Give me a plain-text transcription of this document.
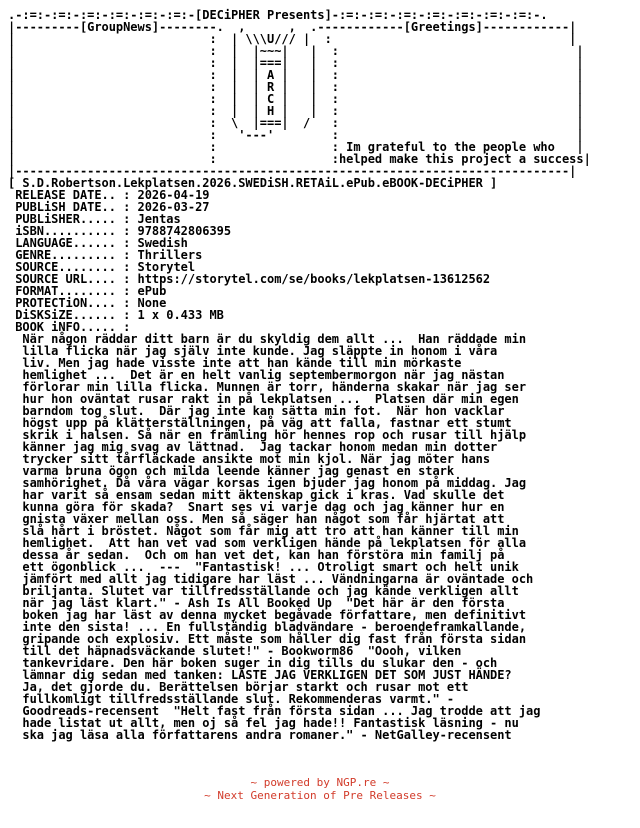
.-:=:-:=:-:=:-:=:-:=:-:=:-[DECiPHER Presents]-:=:-:=:-:=:-:=:-:=:-:=:-:=:-.
|---------[GroupNews]--------.  ,      ,  .------------[Greetings]------------|
|                           :  | \\\U/// |  :                                 |
|                           :  |  |~~~|   |  :                                 |
|                           :  |  |===|   |  :                                 |
|                           :  |  | A |   |  :                                 |
|                           :  |  | R |   |  :                                 |
|                           :  |  | C |   |  :                                 |
|                           :  |  | H |   |  :                                 |
|                           :  \  |===|  /   :                                 |
|                           :   '---'        :                                 |
|                           :                : Im grateful to the people who   |
|                           :                :helped make this project a success|
|-----------------------------------------------------------------------------|
[ S.D.Robertson.Lekplatsen.2026.SWEDiSH.RETAiL.ePub.eBOOK-DECiPHER ]
RELEASE DATE.. : 2026-04-19
PUBLiSH DATE.. : 2026-03-27
PUBLiSHER..... : Jentas
iSBN.......... : 9788742806395
LANGUAGE...... : Swedish
GENRE......... : Thrillers
SOURCE........ : Storytel
SOURCE URL.... : https://storytel.com/se/books/lekplatsen-13612562
FORMAT........ : ePub
PROTECTiON.... : None
DiSKSiZE...... : 1 x 0.433 MB
BOOK iNFO..... :
När någon räddar ditt barn är du skyldig dem allt ...  Han räddade min
lilla flicka när jag själv inte kunde. Jag släppte in honom i våra
liv. Men jag hade visste inte att han kände till min mörkaste
hemlighet ...  Det är en helt vanlig septembermorgon när jag nästan
förlorar min lilla flicka. Munnen är torr, händerna skakar när jag ser
hur hon oväntat rusar rakt in på lekplatsen ...  Platsen där min egen
barndom tog slut.  Där jag inte kan sätta min fot.  När hon vacklar
högst upp på klätterställningen, på väg att falla, fastnar ett stumt
skrik i halsen. Så när en främling hör hennes rop och rusar till hjälp
känner jag mig svag av lättnad.  Jag tackar honom medan min dotter
trycker sitt tårfläckade ansikte mot min kjol. När jag möter hans
varma bruna ögon och milda leende känner jag genast en stark
samhörighet. Då våra vägar korsas igen bjuder jag honom på middag. Jag
har varit så ensam sedan mitt äktenskap gick i kras. Vad skulle det
kunna göra för skada?  Snart ses vi varje dag och jag känner hur en
gnista växer mellan oss. Men så säger han något som får hjärtat att
slå hårt i bröstet. Något som får mig att tro att han känner till min
hemlighet.  Att han vet vad som verkligen hände på lekplatsen för alla
dessa år sedan.  Och om han vet det, kan han förstöra min familj på
ett ögonblick ...  ---  "Fantastisk! ... Otroligt smart och helt unik
jämfört med allt jag tidigare har läst ... Vändningarna är oväntade och
briljanta. Slutet var tillfredsställande och jag kände verkligen allt
när jag läst klart." - Ash Is All Booked Up  "Det här är den första
boken jag har läst av denna mycket begåvade författare, men definitivt
inte den sista! ... En fullständig bladvändare - beroendeframkallande,
gripande och explosiv. Ett måste som håller dig fast från första sidan
till det häpnadsväckande slutet!" - Bookworm86  "Oooh, vilken
tankevridare. Den här boken suger in dig tills du slukar den - och
lämnar dig sedan med tanken: LÄSTE JAG VERKLIGEN DET SOM JUST HÄNDE?
Ja, det gjorde du. Berättelsen börjar starkt och rusar mot ett
fullkomligt tillfredsställande slut. Rekommenderas varmt." -
Goodreads-recensent  "Helt fast från första sidan ... Jag trodde att jag
hade listat ut allt, men oj så fel jag hade!! Fantastisk läsning - nu
ska jag läsa alla författarens andra romaner." - NetGalley-recensent

~ powered by NGP.re ~
~ Next Generation of Pre Releases ~
